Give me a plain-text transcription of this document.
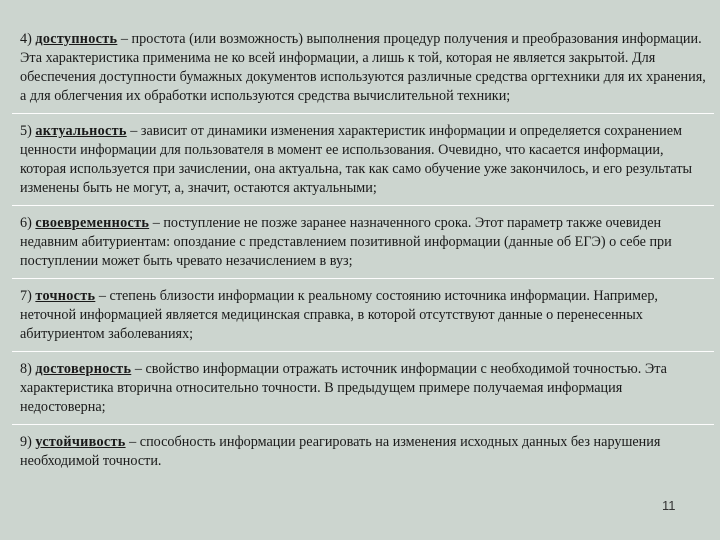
4) доступность – простота (или возможность) выполнения процедур получения и преобразования информации. Эта характеристика применима не ко всей информации, а лишь к той, которая не является закрытой. Для обеспечения доступности бумажных документов используются различные средства оргтехники для их хранения, а для облегчения их обработки используются средства вычислительной техники;

5) актуальность – зависит от динамики изменения характеристик информации и определяется сохранением ценности информации для пользователя в момент ее использования. Очевидно, что касается информации, которая используется при зачислении, она актуальна, так как само обучение уже закончилось, и его результаты изменены быть не могут, а, значит, остаются актуальными;

6) своевременность – поступление не позже заранее назначенного срока. Этот параметр также очевиден недавним абитуриентам: опоздание с представлением позитивной информации (данные об ЕГЭ) о себе при поступлении может быть чревато незачислением в вуз;

7) точность – степень близости информации к реальному состоянию источника информации. Например, неточной информацией является медицинская справка, в которой отсутствуют данные о перенесенных абитуриентом заболеваниях;

8) достоверность – свойство информации отражать источник информации с необходимой точностью. Эта характеристика вторична относительно точности. В предыдущем примере получаемая информация недостоверна;

9) устойчивость – способность информации реагировать на изменения исходных данных без нарушения необходимой точности.

11
